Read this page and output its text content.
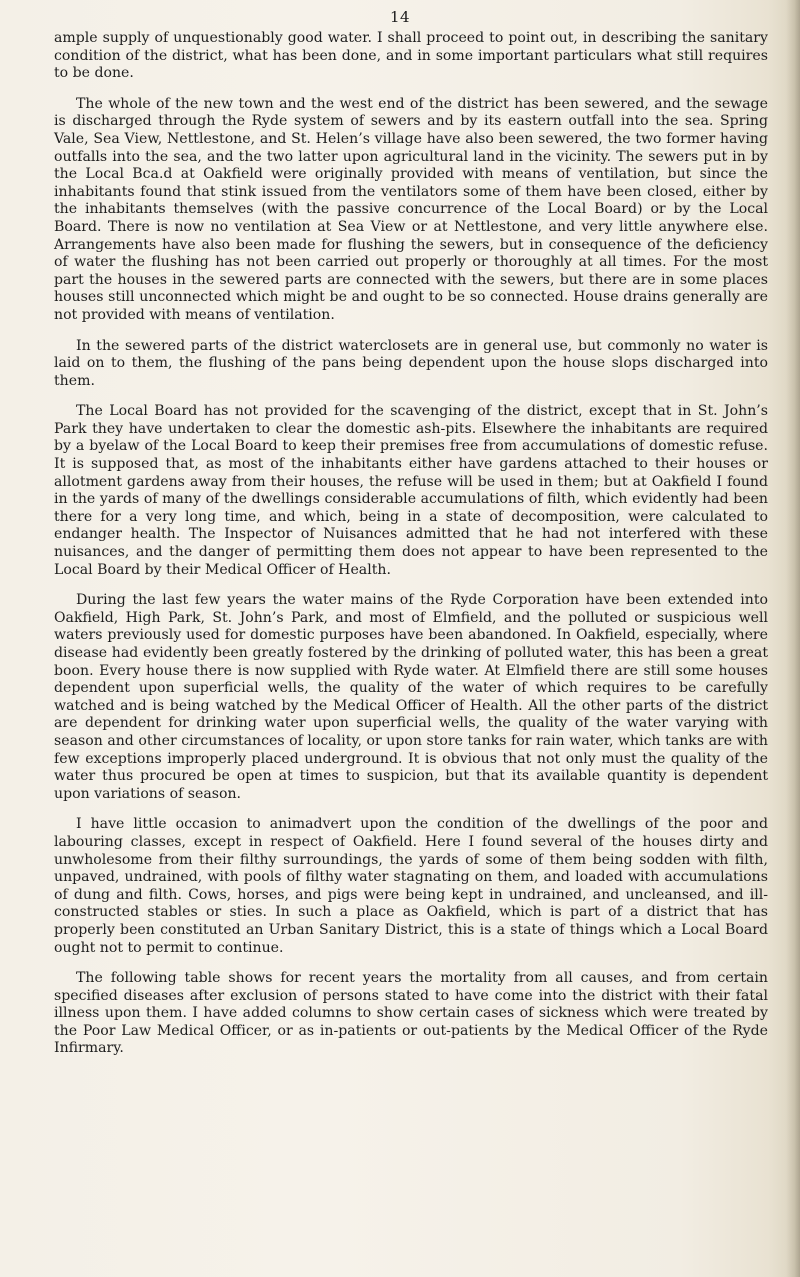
14

ample supply of unquestionably good water. I shall proceed to point out, in describing the sanitary condition of the district, what has been done, and in some important particulars what still requires to be done.

The whole of the new town and the west end of the district has been sewered, and the sewage is discharged through the Ryde system of sewers and by its eastern outfall into the sea. Spring Vale, Sea View, Nettlestone, and St. Helen’s village have also been sewered, the two former having outfalls into the sea, and the two latter upon agricultural land in the vicinity. The sewers put in by the Local Bca.d at Oakfield were originally provided with means of ventilation, but since the inhabitants found that stink issued from the ventilators some of them have been closed, either by the inhabitants themselves (with the passive concurrence of the Local Board) or by the Local Board. There is now no ventilation at Sea View or at Nettlestone, and very little anywhere else. Arrangements have also been made for flushing the sewers, but in consequence of the deficiency of water the flushing has not been carried out properly or thoroughly at all times. For the most part the houses in the sewered parts are connected with the sewers, but there are in some places houses still unconnected which might be and ought to be so connected. House drains generally are not provided with means of ventilation.

In the sewered parts of the district waterclosets are in general use, but commonly no water is laid on to them, the flushing of the pans being dependent upon the house slops discharged into them.

The Local Board has not provided for the scavenging of the district, except that in St. John’s Park they have undertaken to clear the domestic ash-pits. Elsewhere the inhabitants are required by a byelaw of the Local Board to keep their premises free from accumulations of domestic refuse. It is supposed that, as most of the inhabitants either have gardens attached to their houses or allotment gardens away from their houses, the refuse will be used in them; but at Oakfield I found in the yards of many of the dwellings considerable accumulations of filth, which evidently had been there for a very long time, and which, being in a state of decomposition, were calculated to endanger health. The Inspector of Nuisances admitted that he had not interfered with these nuisances, and the danger of permitting them does not appear to have been represented to the Local Board by their Medical Officer of Health.

During the last few years the water mains of the Ryde Corporation have been extended into Oakfield, High Park, St. John’s Park, and most of Elmfield, and the polluted or suspicious well waters previously used for domestic purposes have been abandoned. In Oakfield, especially, where disease had evidently been greatly fostered by the drinking of polluted water, this has been a great boon. Every house there is now supplied with Ryde water. At Elmfield there are still some houses dependent upon superficial wells, the quality of the water of which requires to be carefully watched and is being watched by the Medical Officer of Health. All the other parts of the district are dependent for drinking water upon superficial wells, the quality of the water varying with season and other circumstances of locality, or upon store tanks for rain water, which tanks are with few exceptions improperly placed underground. It is obvious that not only must the quality of the water thus procured be open at times to suspicion, but that its available quantity is dependent upon variations of season.

I have little occasion to animadvert upon the condition of the dwellings of the poor and labouring classes, except in respect of Oakfield. Here I found several of the houses dirty and unwholesome from their filthy surroundings, the yards of some of them being sodden with filth, unpaved, undrained, with pools of filthy water stagnating on them, and loaded with accumulations of dung and filth. Cows, horses, and pigs were being kept in undrained, and uncleansed, and ill-constructed stables or sties. In such a place as Oakfield, which is part of a district that has properly been constituted an Urban Sanitary District, this is a state of things which a Local Board ought not to permit to continue.

The following table shows for recent years the mortality from all causes, and from certain specified diseases after exclusion of persons stated to have come into the district with their fatal illness upon them. I have added columns to show certain cases of sickness which were treated by the Poor Law Medical Officer, or as in-patients or out-patients by the Medical Officer of the Ryde Infirmary.
